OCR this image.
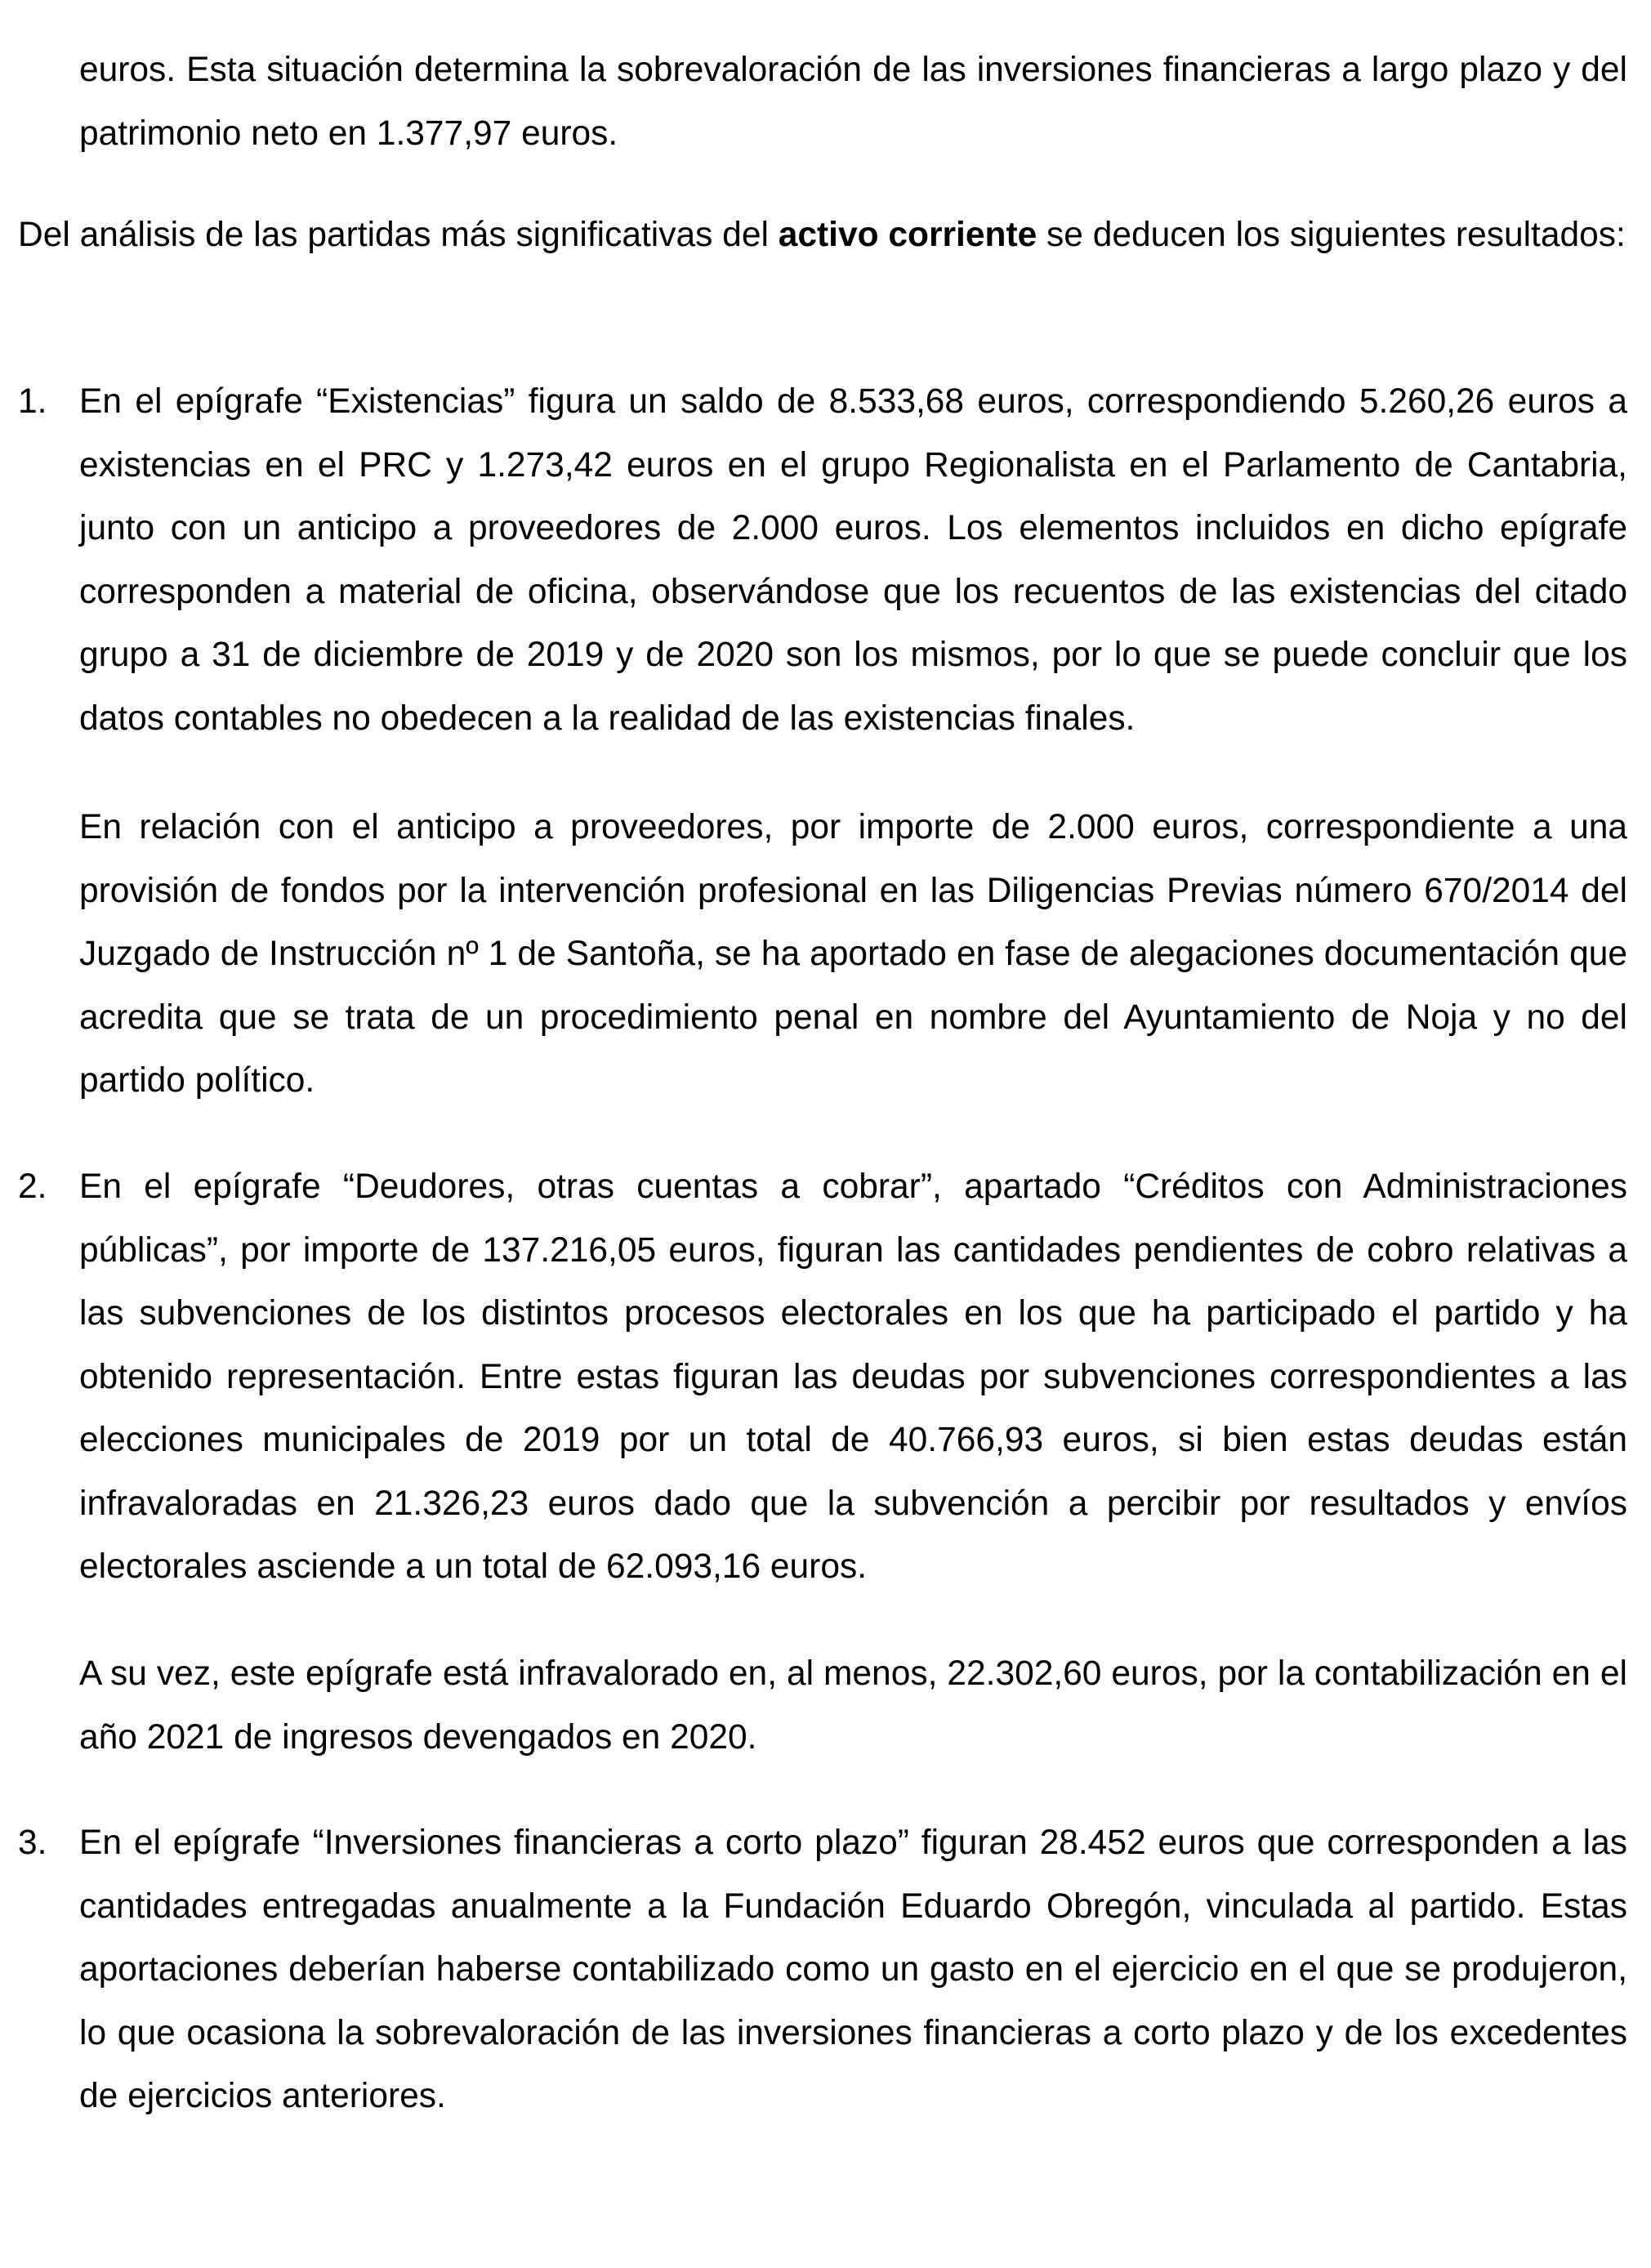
euros. Esta situación determina la sobrevaloración de las inversiones financieras a largo plazo y del patrimonio neto en 1.377,97 euros.

Del análisis de las partidas más significativas del activo corriente se deducen los siguientes resultados:

1. En el epígrafe “Existencias” figura un saldo de 8.533,68 euros, correspondiendo 5.260,26 euros a existencias en el PRC y 1.273,42 euros en el grupo Regionalista en el Parlamento de Cantabria, junto con un anticipo a proveedores de 2.000 euros. Los elementos incluidos en dicho epígrafe corresponden a material de oficina, observándose que los recuentos de las existencias del citado grupo a 31 de diciembre de 2019 y de 2020 son los mismos, por lo que se puede concluir que los datos contables no obedecen a la realidad de las existencias finales.

En relación con el anticipo a proveedores, por importe de 2.000 euros, correspondiente a una provisión de fondos por la intervención profesional en las Diligencias Previas número 670/2014 del Juzgado de Instrucción nº 1 de Santoña, se ha aportado en fase de alegaciones documentación que acredita que se trata de un procedimiento penal en nombre del Ayuntamiento de Noja y no del partido político.

2. En el epígrafe “Deudores, otras cuentas a cobrar”, apartado “Créditos con Administraciones públicas”, por importe de 137.216,05 euros, figuran las cantidades pendientes de cobro relativas a las subvenciones de los distintos procesos electorales en los que ha participado el partido y ha obtenido representación. Entre estas figuran las deudas por subvenciones correspondientes a las elecciones municipales de 2019 por un total de 40.766,93 euros, si bien estas deudas están infravaloradas en 21.326,23 euros dado que la subvención a percibir por resultados y envíos electorales asciende a un total de 62.093,16 euros.

A su vez, este epígrafe está infravalorado en, al menos, 22.302,60 euros, por la contabilización en el año 2021 de ingresos devengados en 2020.

3. En el epígrafe “Inversiones financieras a corto plazo” figuran 28.452 euros que corresponden a las cantidades entregadas anualmente a la Fundación Eduardo Obregón, vinculada al partido. Estas aportaciones deberían haberse contabilizado como un gasto en el ejercicio en el que se produjeron, lo que ocasiona la sobrevaloración de las inversiones financieras a corto plazo y de los excedentes de ejercicios anteriores.
